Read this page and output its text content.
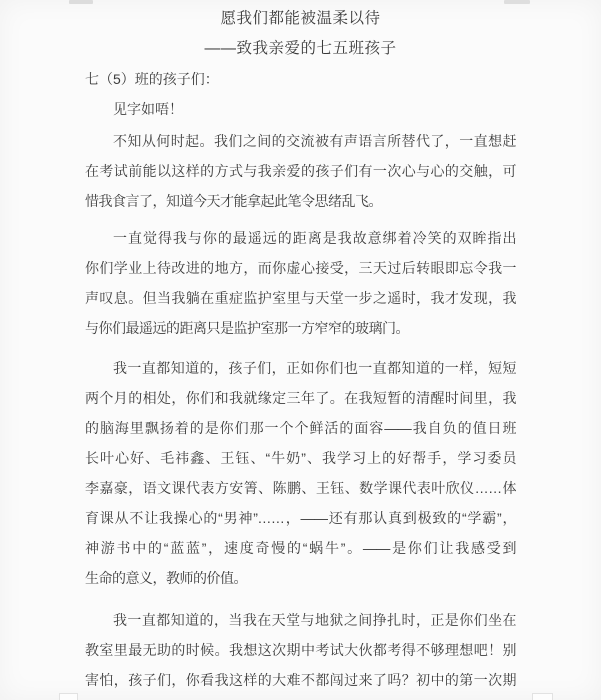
愿我们都能被温柔以待
——致我亲爱的七五班孩子
七（5）班的孩子们：
见字如唔！
不知从何时起。我们之间的交流被有声语言所替代了，一直想赶
在考试前能以这样的方式与我亲爱的孩子们有一次心与心的交触，可
惜我食言了，知道今天才能拿起此笔令思绪乱飞。
一直觉得我与你的最遥远的距离是我故意绑着冷笑的双眸指出
你们学业上待改进的地方，而你虚心接受，三天过后转眼即忘令我一
声叹息。但当我躺在重症监护室里与天堂一步之遥时，我才发现，我
与你们最遥远的距离只是监护室那一方窄窄的玻璃门。
我一直都知道的，孩子们，正如你们也一直都知道的一样，短短
两个月的相处，你们和我就缘定三年了。在我短暂的清醒时间里，我
的脑海里飘扬着的是你们那一个个鲜活的面容——我自负的值日班
长叶心好、毛祎鑫、王钰、“牛奶”、我学习上的好帮手，学习委员
李嘉豪，语文课代表方安箐、陈鹏、王钰、数学课代表叶欣仪……体
育课从不让我操心的“男神”……，——还有那认真到极致的“学霸”，
神游书中的“蓝蓝”，速度奇慢的“蜗牛”。——是你们让我感受到
生命的意义，教师的价值。
我一直都知道的，当我在天堂与地狱之间挣扎时，正是你们坐在
教室里最无助的时候。我想这次期中考试大伙都考得不够理想吧！别
害怕，孩子们，你看我这样的大难不都闯过来了吗？初中的第一次期
